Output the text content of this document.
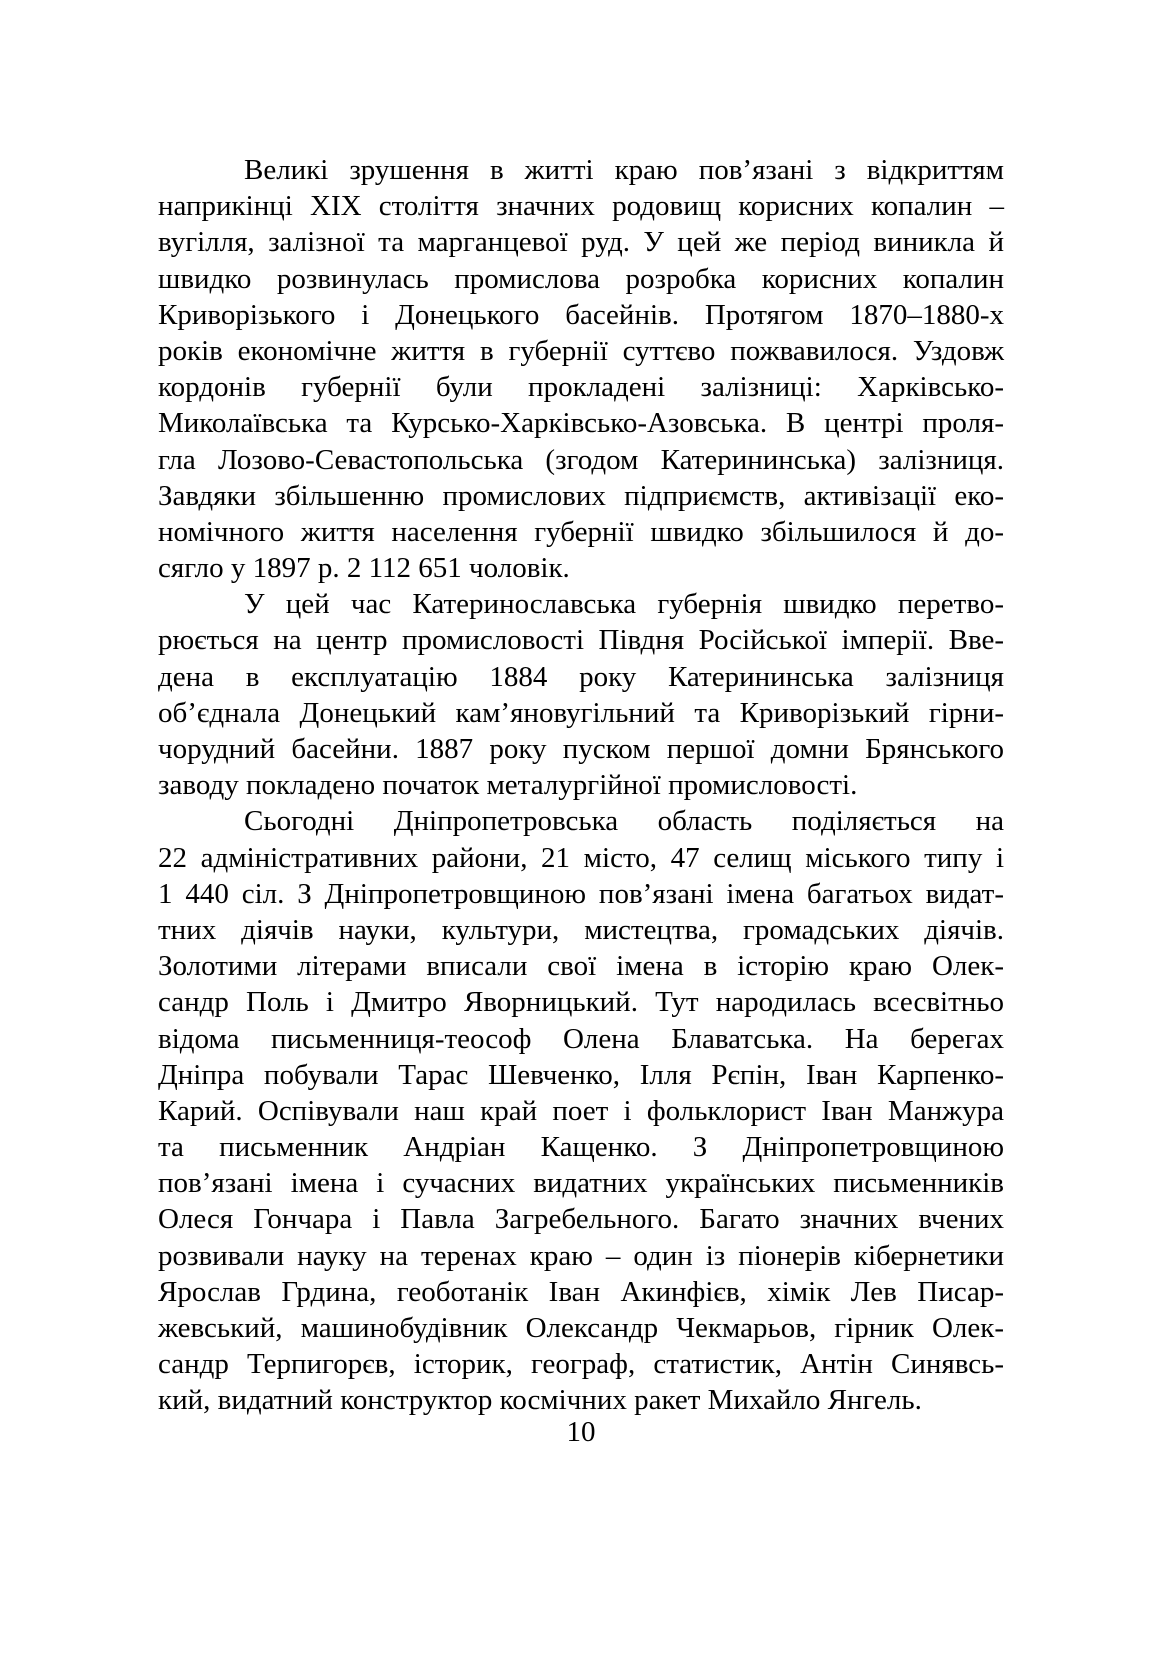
Великі зрушення в житті краю пов’язані з відкриттям
наприкінці XIX століття значних родовищ корисних копалин –
вугілля, залізної та марганцевої руд. У цей же період виникла й
швидко розвинулась промислова розробка корисних копалин
Криворізького і Донецького басейнів. Протягом 1870–1880-х
років економічне життя в губернії суттєво пожвавилося. Уздовж
кордонів губернії були прокладені залізниці: Харківсько-
Миколаївська та Курсько-Харківсько-Азовська. В центрі проля-
гла Лозово-Севастопольська (згодом Катерининська) залізниця.
Завдяки збільшенню промислових підприємств, активізації еко-
номічного життя населення губернії швидко збільшилося й до-
сягло у 1897 р. 2 112 651 чоловік.
У цей час Катеринославська губернія швидко перетво-
рюється на центр промисловості Півдня Російської імперії. Вве-
дена в експлуатацію 1884 року Катерининська залізниця
об’єднала Донецький кам’яновугільний та Криворізький гірни-
чорудний басейни. 1887 року пуском першої домни Брянського
заводу покладено початок металургійної промисловості.
Сьогодні Дніпропетровська область поділяється на
22 адміністративних райони, 21 місто, 47 селищ міського типу і
1 440 сіл. З Дніпропетровщиною пов’язані імена багатьох видат-
тних діячів науки, культури, мистецтва, громадських діячів.
Золотими літерами вписали свої імена в історію краю Олек-
сандр Поль і Дмитро Яворницький. Тут народилась всесвітньо
відома письменниця-теософ Олена Блаватська. На берегах
Дніпра побували Тарас Шевченко, Ілля Рєпін, Іван Карпенко-
Карий. Оспівували наш край поет і фольклорист Іван Манжура
та письменник Андріан Кащенко. З Дніпропетровщиною
пов’язані імена і сучасних видатних українських письменників
Олеся Гончара і Павла Загребельного. Багато значних вчених
розвивали науку на теренах краю – один із піонерів кібернетики
Ярослав Грдина, геоботанік Іван Акинфієв, хімік Лев Писар-
жевський, машинобудівник Олександр Чекмарьов, гірник Олек-
сандр Терпигорєв, історик, географ, статистик, Антін Синявсь-
кий, видатний конструктор космічних ракет Михайло Янгель.
10
